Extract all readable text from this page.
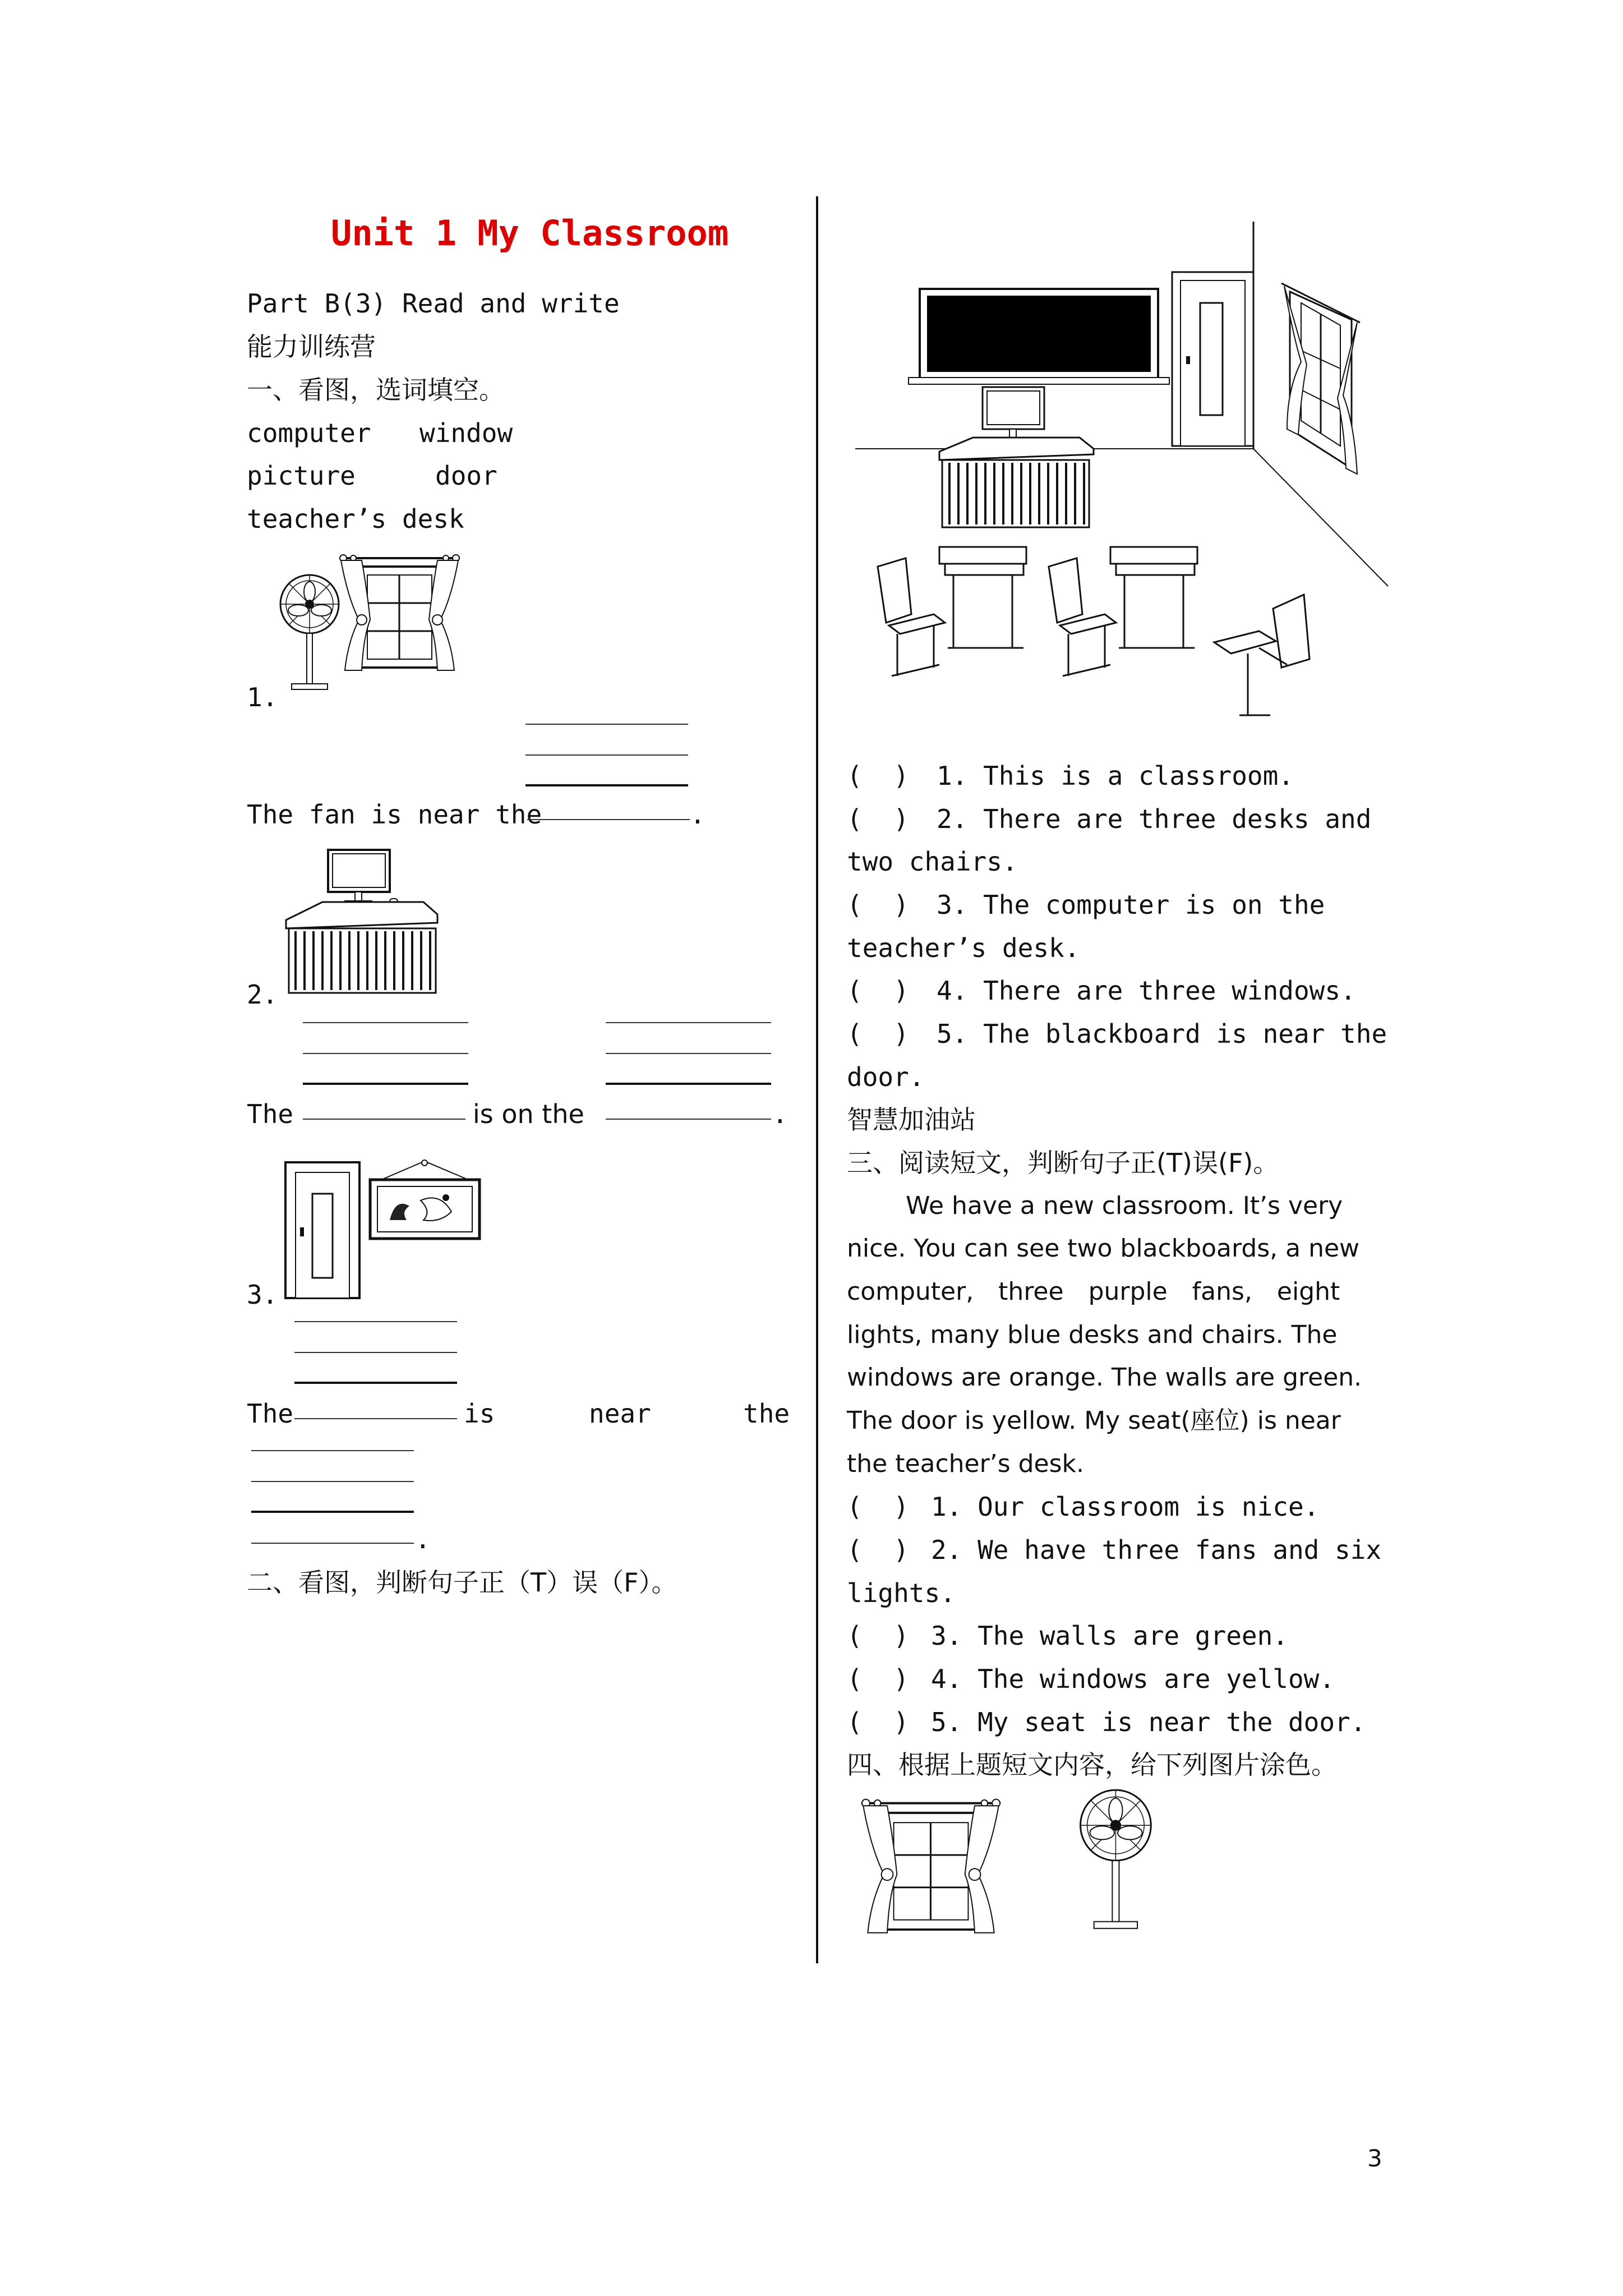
Unit 1 My Classroom
Part B(3) Read and write
能力训练营
一、看图，选词填空。
computer window
picture	door
teacher’s desk
1.
The fan is near the	.
2.
The	is on the	.
3.
The	is	near	the
.
二、看图，判断句子正（T）误（F）。
(  ) 1. This is a classroom.
(  ) 2. There are three desks and
two chairs.
(  ) 3. The computer is on the
teacher’s desk.
(  ) 4. There are three windows.
(  ) 5. The blackboard is near the
door.
智慧加油站
三、阅读短文，判断句子正(T)误(F)。
We have a new classroom. It’s very
nice. You can see two blackboards, a new
computer, three purple fans, eight
lights, many blue desks and chairs. The
windows are orange. The walls are green.
The door is yellow. My seat(座位) is near
the teacher’s desk.
(  ) 1. Our classroom is nice.
(  ) 2. We have three fans and six
lights.
(  ) 3. The walls are green.
(  ) 4. The windows are yellow.
(  ) 5. My seat is near the door.
四、根据上题短文内容，给下列图片涂色。
3
